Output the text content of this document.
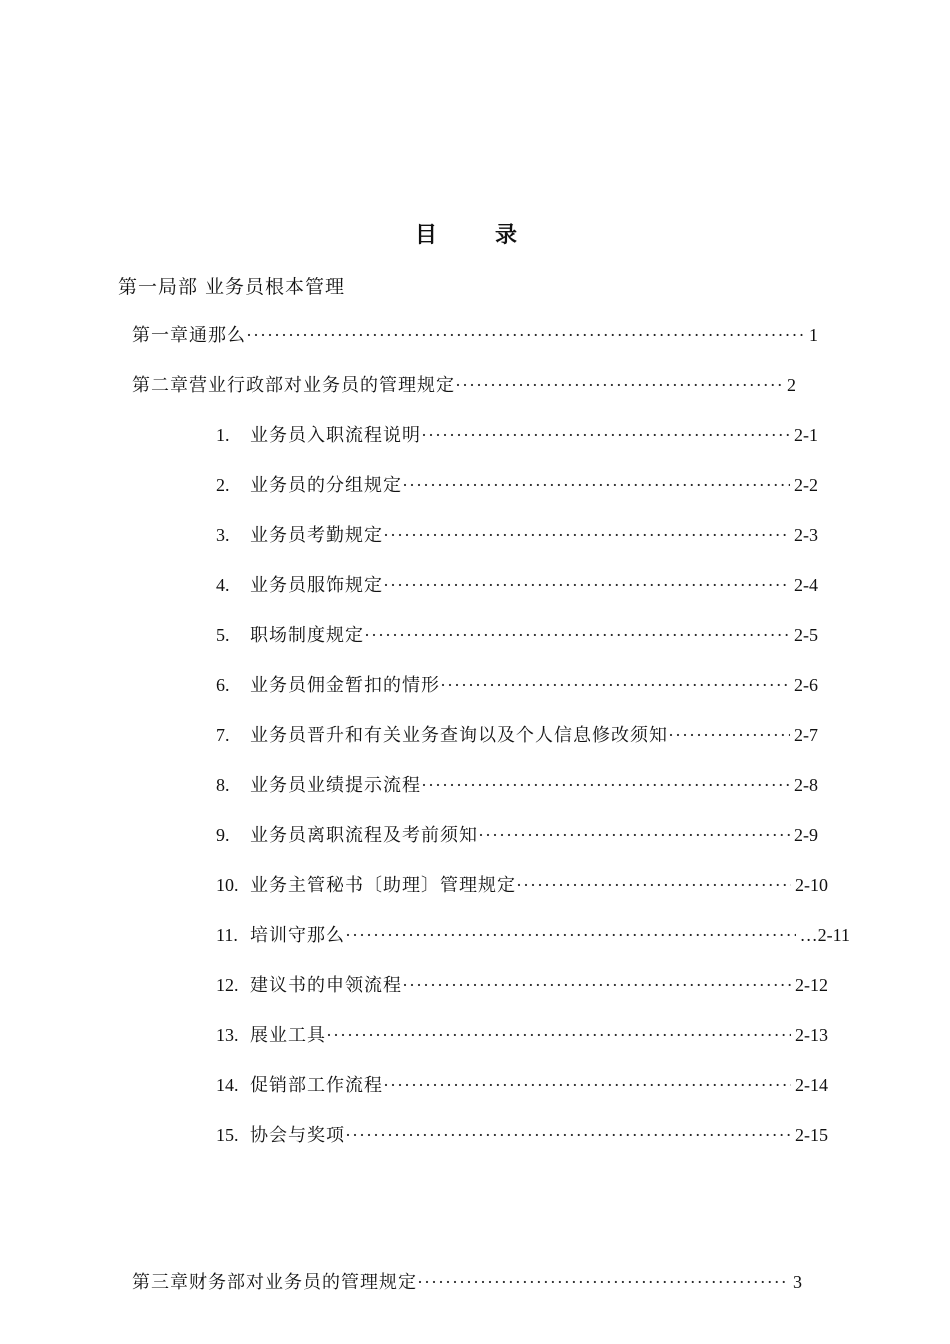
目　录
第一局部 业务员根本管理
第一章 通那么 ·····	1
第二章 营业行政部对业务员的管理规定 ·····	2
1.	业务员入职流程说明 ·····	2-1
2.	业务员的分组规定 ·····	2-2
3.	业务员考勤规定 ·····	2-3
4.	业务员服饰规定 ·····	2-4
5.	职场制度规定 ·····	2-5
6.	业务员佣金暂扣的情形 ·····	2-6
7.	业务员晋升和有关业务查询以及个人信息修改须知 ·····	2-7
8.	业务员业绩提示流程 ·····	2-8
9.	业务员离职流程及考前须知 ·····	2-9
10. 业务主管秘书〔助理〕管理规定 ·····	2-10
11. 培训守那么 ·····	…2-11
12. 建议书的申领流程 ·····	2-12
13. 展业工具 ·····	2-13
14. 促销部工作流程 ·····	2-14
15. 协会与奖项 ·····	2-15
第三章 财务部对业务员的管理规定 ·····	3
